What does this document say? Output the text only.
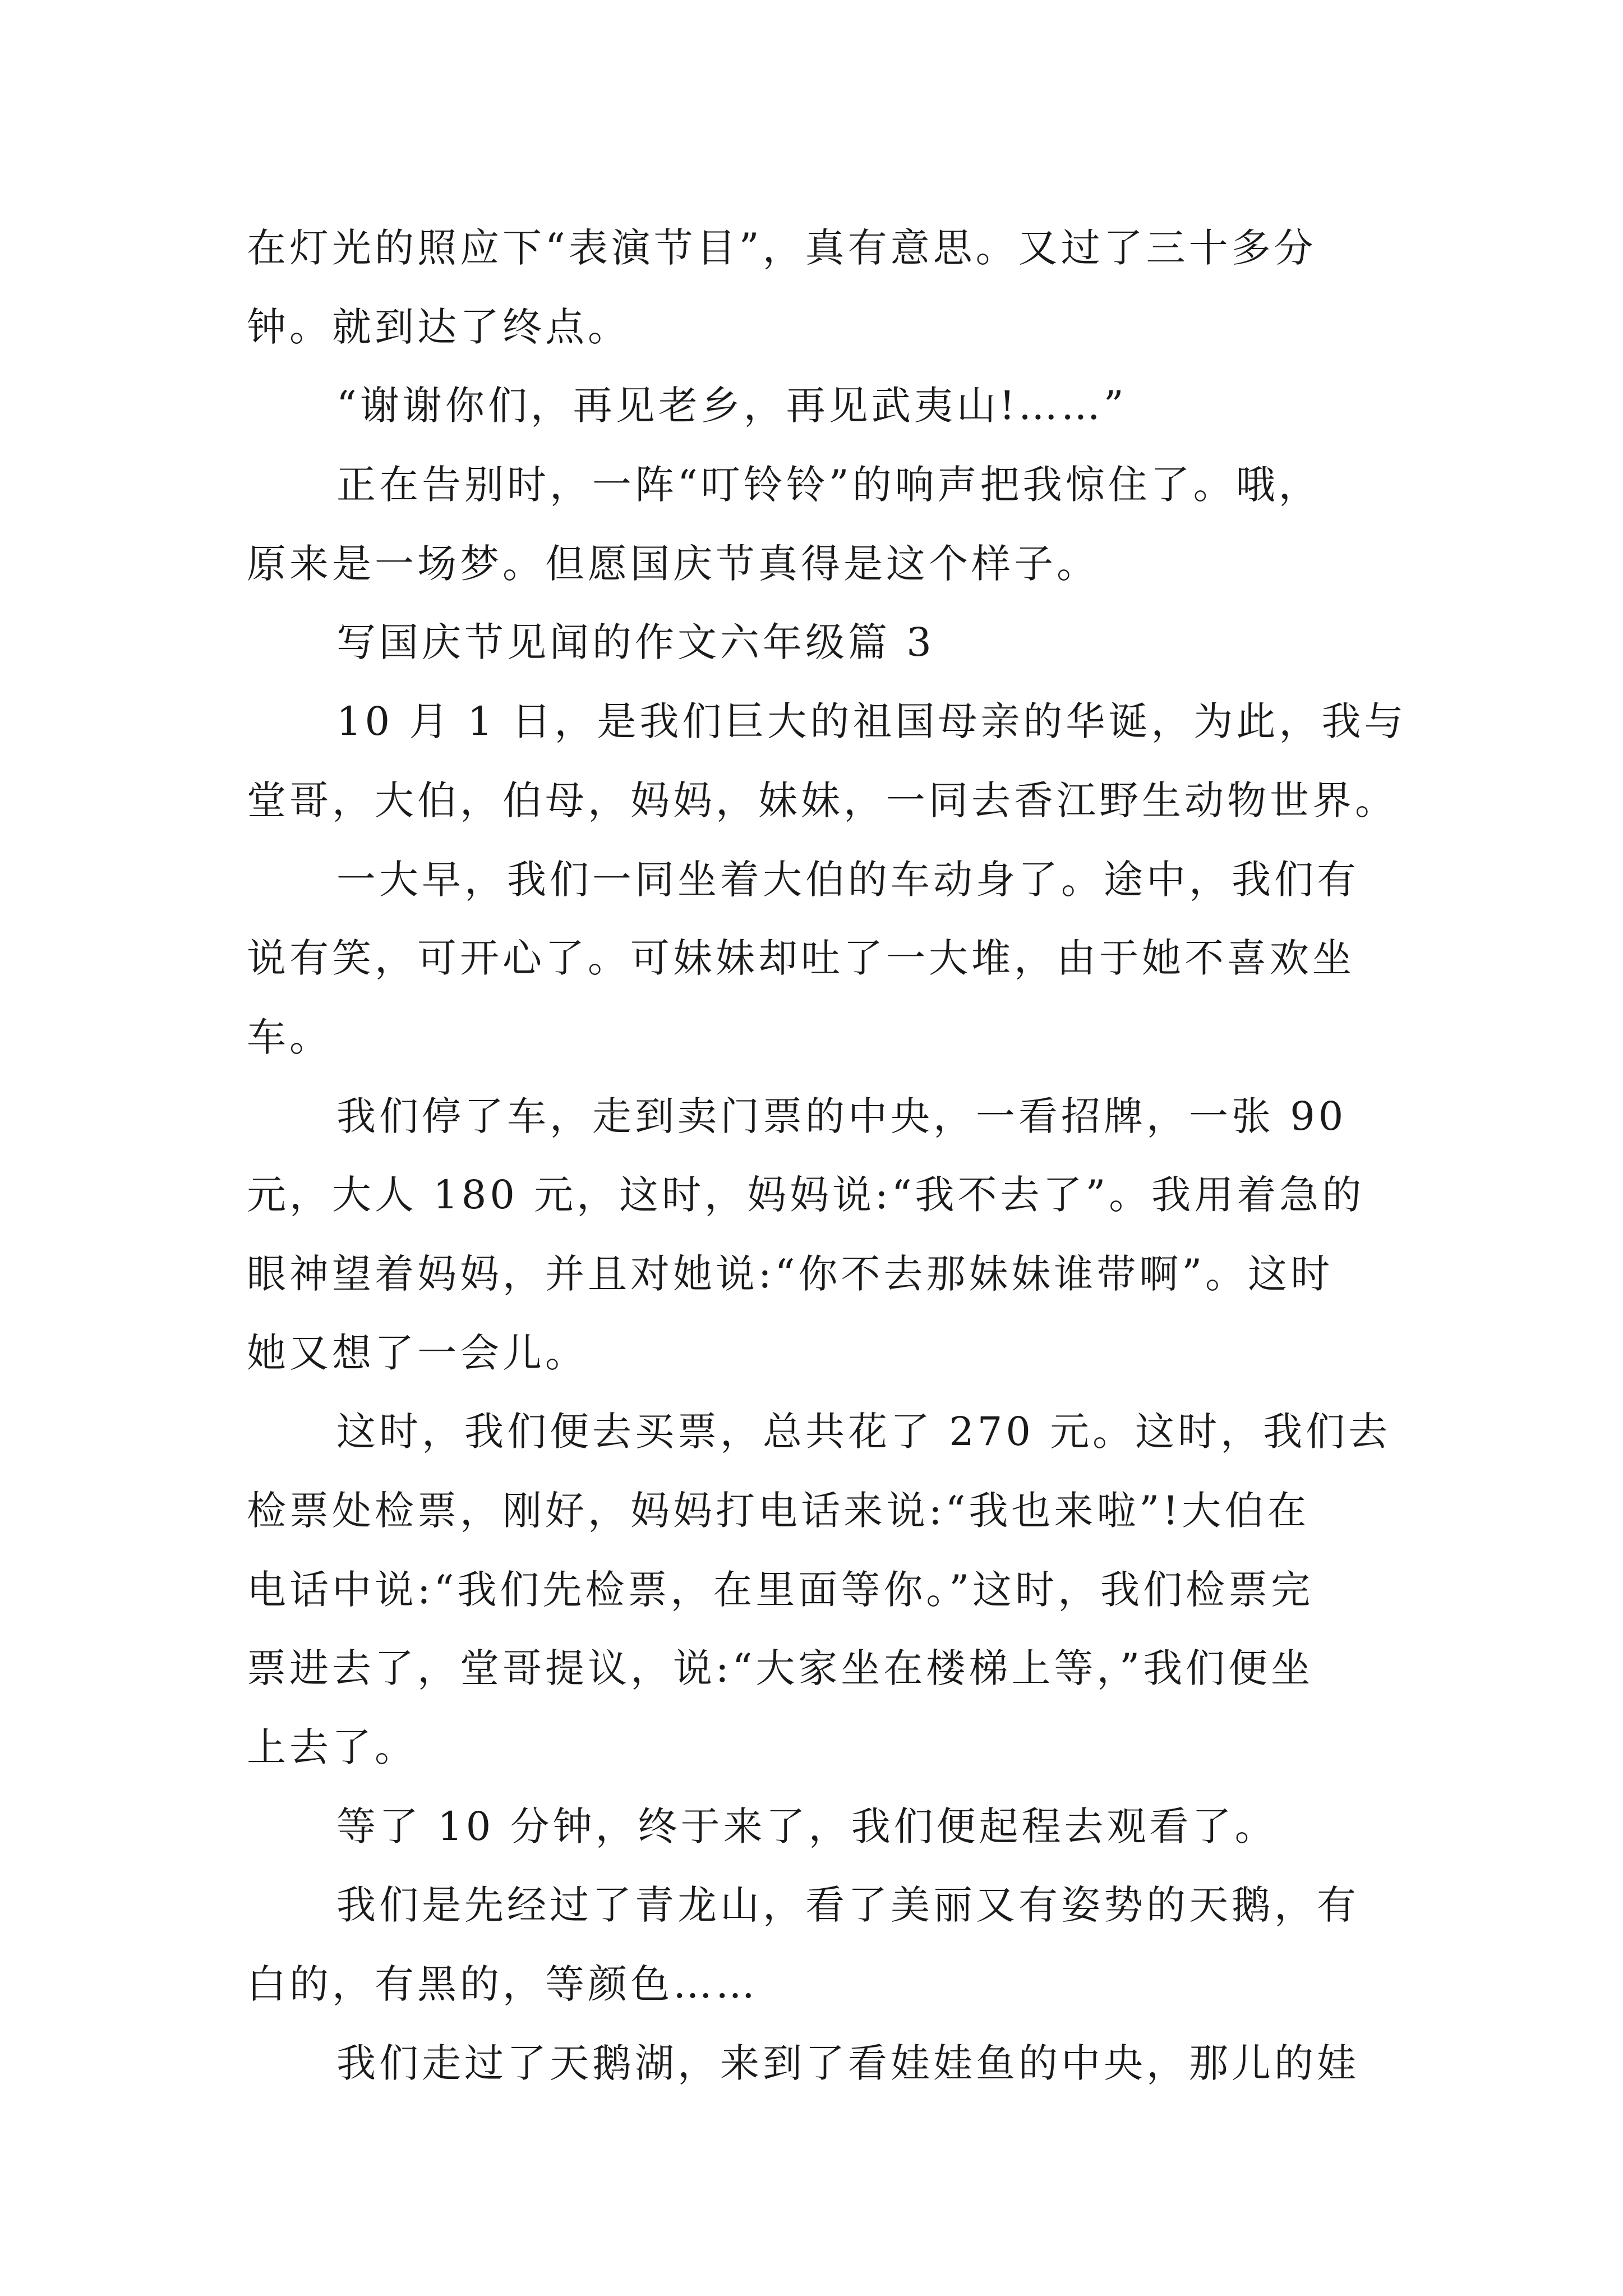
在灯光的照应下“表演节目”，真有意思。又过了三十多分
钟。就到达了终点。
“谢谢你们，再见老乡，再见武夷山!……”
正在告别时，一阵“叮铃铃”的响声把我惊住了。哦，
原来是一场梦。但愿国庆节真得是这个样子。
写国庆节见闻的作文六年级篇 3
10 月 1 日，是我们巨大的祖国母亲的华诞，为此，我与
堂哥，大伯，伯母，妈妈，妹妹，一同去香江野生动物世界。
一大早，我们一同坐着大伯的车动身了。途中，我们有
说有笑，可开心了。可妹妹却吐了一大堆，由于她不喜欢坐
车。
我们停了车，走到卖门票的中央，一看招牌，一张 90
元，大人 180 元，这时，妈妈说:“我不去了”。我用着急的
眼神望着妈妈，并且对她说:“你不去那妹妹谁带啊”。这时
她又想了一会儿。
这时，我们便去买票，总共花了 270 元。这时，我们去
检票处检票，刚好，妈妈打电话来说:“我也来啦”!大伯在
电话中说:“我们先检票，在里面等你。”这时，我们检票完
票进去了，堂哥提议，说:“大家坐在楼梯上等，”我们便坐
上去了。
等了 10 分钟，终于来了，我们便起程去观看了。
我们是先经过了青龙山，看了美丽又有姿势的天鹅，有
白的，有黑的，等颜色……
我们走过了天鹅湖，来到了看娃娃鱼的中央，那儿的娃
